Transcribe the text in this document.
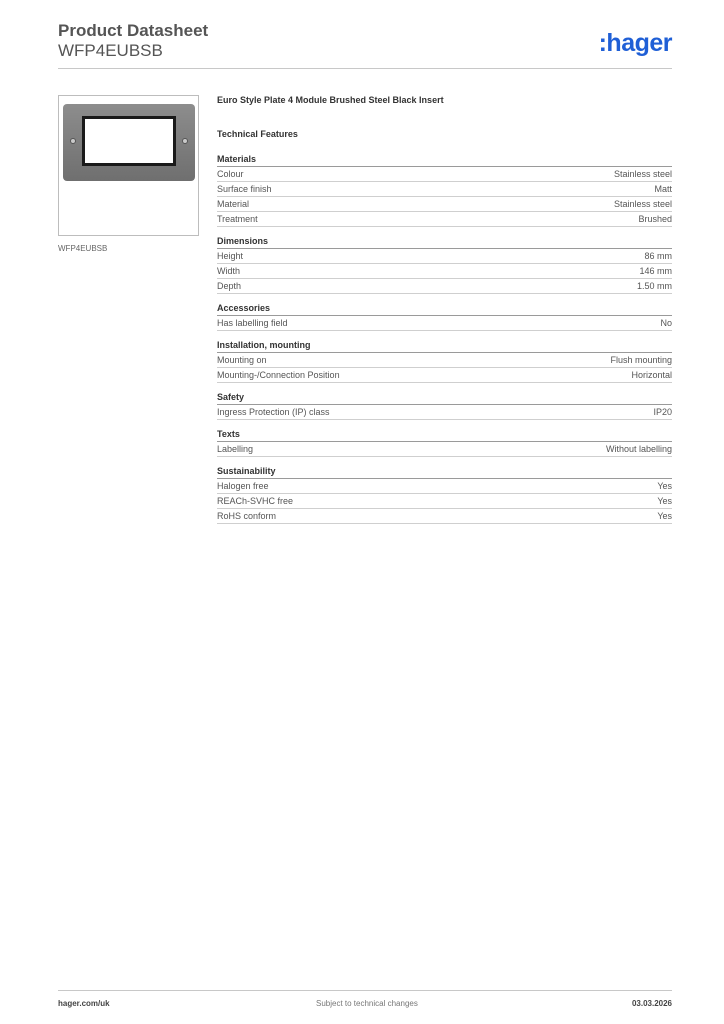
Product Datasheet
WFP4EUBSB	:hager
WFP4EUBSB
Euro Style Plate 4 Module Brushed Steel Black Insert
Technical Features
Materials
Colour	Stainless steel
Surface finish	Matt
Material	Stainless steel
Treatment	Brushed
Dimensions
Height	86 mm
Width	146 mm
Depth	1.50 mm
Accessories
Has labelling field	No
Installation, mounting
Mounting on	Flush mounting
Mounting-/Connection Position	Horizontal
Safety
Ingress Protection (IP) class	IP20
Texts
Labelling	Without labelling
Sustainability
Halogen free	Yes
REACh-SVHC free	Yes
RoHS conform	Yes
hager.com/uk	Subject to technical changes	03.03.2026
